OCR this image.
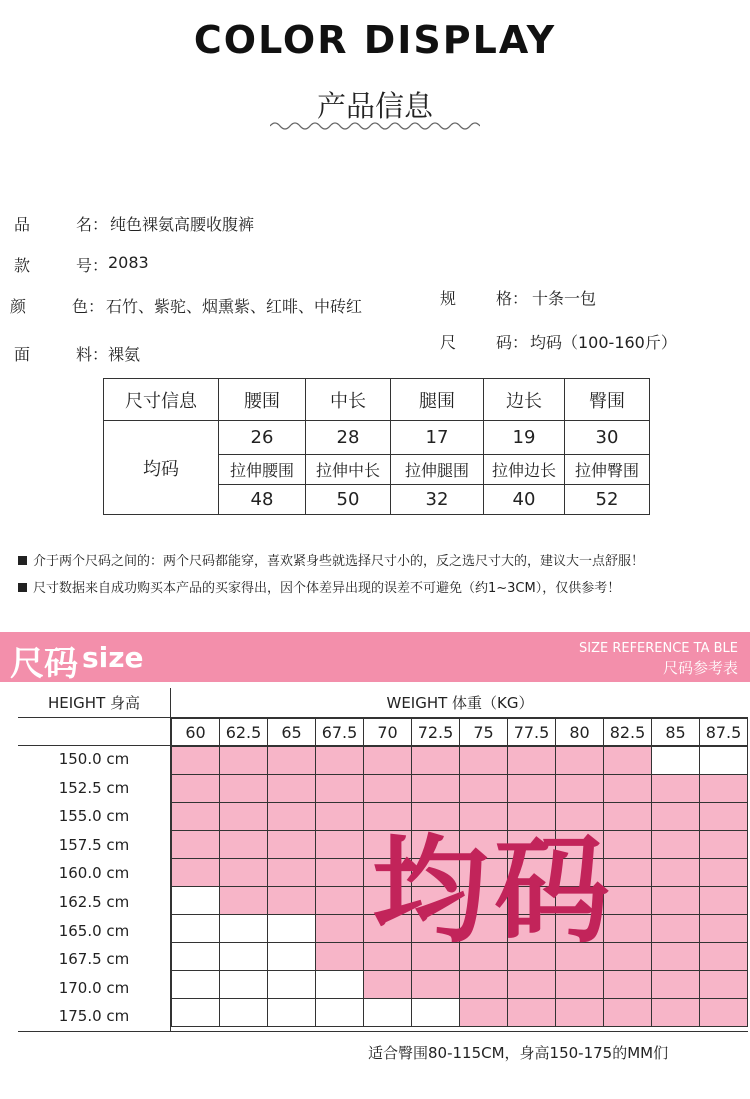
COLOR DISPLAY
产品信息
品	名： 纯色裸氨高腰收腹裤
款	号： 2083
颜	色： 石竹、紫驼、烟熏紫、红啡、中砖红
面	料： 裸氨
规 格： 十条一包
尺 码： 均码（100-160斤）
尺寸信息	腰围	中长	腿围	边长	臀围
均码	26	28	17	19	30
	拉伸腰围	拉伸中长	拉伸腿围	拉伸边长	拉伸臀围
	48	50	32	40	52
介于两个尺码之间的：两个尺码都能穿，喜欢紧身些就选择尺寸小的，反之选尺寸大的，建议大一点舒服！
尺寸数据来自成功购买本产品的买家得出，因个体差异出现的误差不可避免（约1~3CM），仅供参考！
尺码 size	SIZE REFERENCE TA BLE
尺码参考表
HEIGHT 身高	WEIGHT 体重（KG）
60	62.5	65	67.5	70	72.5	75	77.5	80	82.5	85	87.5

150.0 cm
152.5 cm
155.0 cm
157.5 cm
160.0 cm
162.5 cm
165.0 cm
167.5 cm
170.0 cm
175.0 cm
均码
适合臀围80-115CM，身高150-175的MM们
